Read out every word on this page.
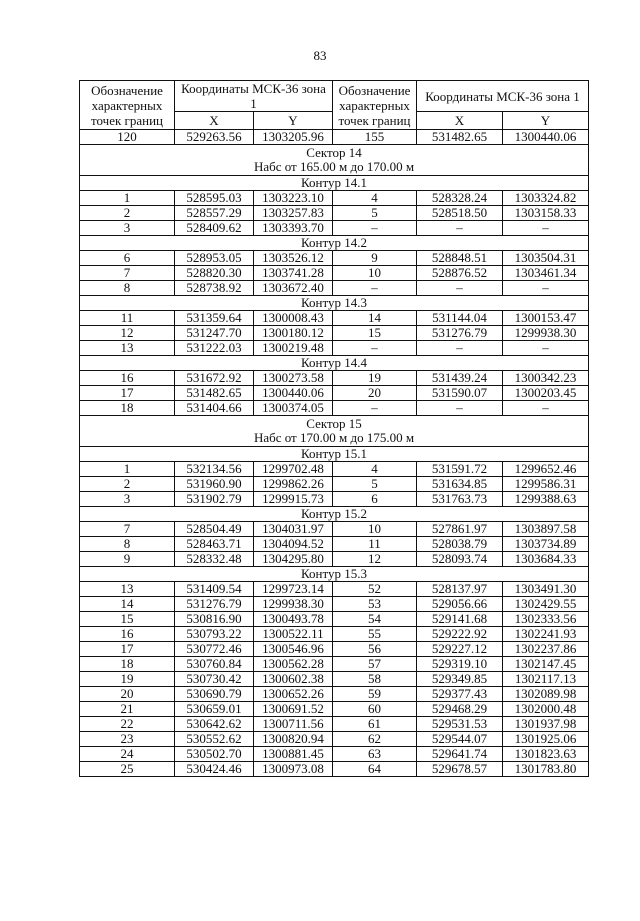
83
Обозначение характерных точек границ	Координаты МСК-36 зона 1		Обозначение характерных точек границ	Координаты МСК-36 зона 1	
	X	Y		X	Y
120	529263.56	1303205.96	155	531482.65	1300440.06

Сектор 14
Набс от 165.00 м до 170.00 м					

Контур 14.1					
1	528595.03	1303223.10	4	528328.24	1303324.82
2	528557.29	1303257.83	5	528518.50	1303158.33
3	528409.62	1303393.70	–	–	–
Контур 14.2					
6	528953.05	1303526.12	9	528848.51	1303504.31
7	528820.30	1303741.28	10	528876.52	1303461.34
8	528738.92	1303672.40	–	–	–
Контур 14.3					
11	531359.64	1300008.43	14	531144.04	1300153.47
12	531247.70	1300180.12	15	531276.79	1299938.30
13	531222.03	1300219.48	–	–	–
Контур 14.4					
16	531672.92	1300273.58	19	531439.24	1300342.23
17	531482.65	1300440.06	20	531590.07	1300203.45
18	531404.66	1300374.05	–	–	–

Сектор 15
Набс от 170.00 м до 175.00 м					

Контур 15.1					
1	532134.56	1299702.48	4	531591.72	1299652.46
2	531960.90	1299862.26	5	531634.85	1299586.31
3	531902.79	1299915.73	6	531763.73	1299388.63
Контур 15.2					
7	528504.49	1304031.97	10	527861.97	1303897.58
8	528463.71	1304094.52	11	528038.79	1303734.89
9	528332.48	1304295.80	12	528093.74	1303684.33
Контур 15.3					
13	531409.54	1299723.14	52	528137.97	1303491.30
14	531276.79	1299938.30	53	529056.66	1302429.55
15	530816.90	1300493.78	54	529141.68	1302333.56
16	530793.22	1300522.11	55	529222.92	1302241.93
17	530772.46	1300546.96	56	529227.12	1302237.86
18	530760.84	1300562.28	57	529319.10	1302147.45
19	530730.42	1300602.38	58	529349.85	1302117.13
20	530690.79	1300652.26	59	529377.43	1302089.98
21	530659.01	1300691.52	60	529468.29	1302000.48
22	530642.62	1300711.56	61	529531.53	1301937.98
23	530552.62	1300820.94	62	529544.07	1301925.06
24	530502.70	1300881.45	63	529641.74	1301823.63
25	530424.46	1300973.08	64	529678.57	1301783.80
